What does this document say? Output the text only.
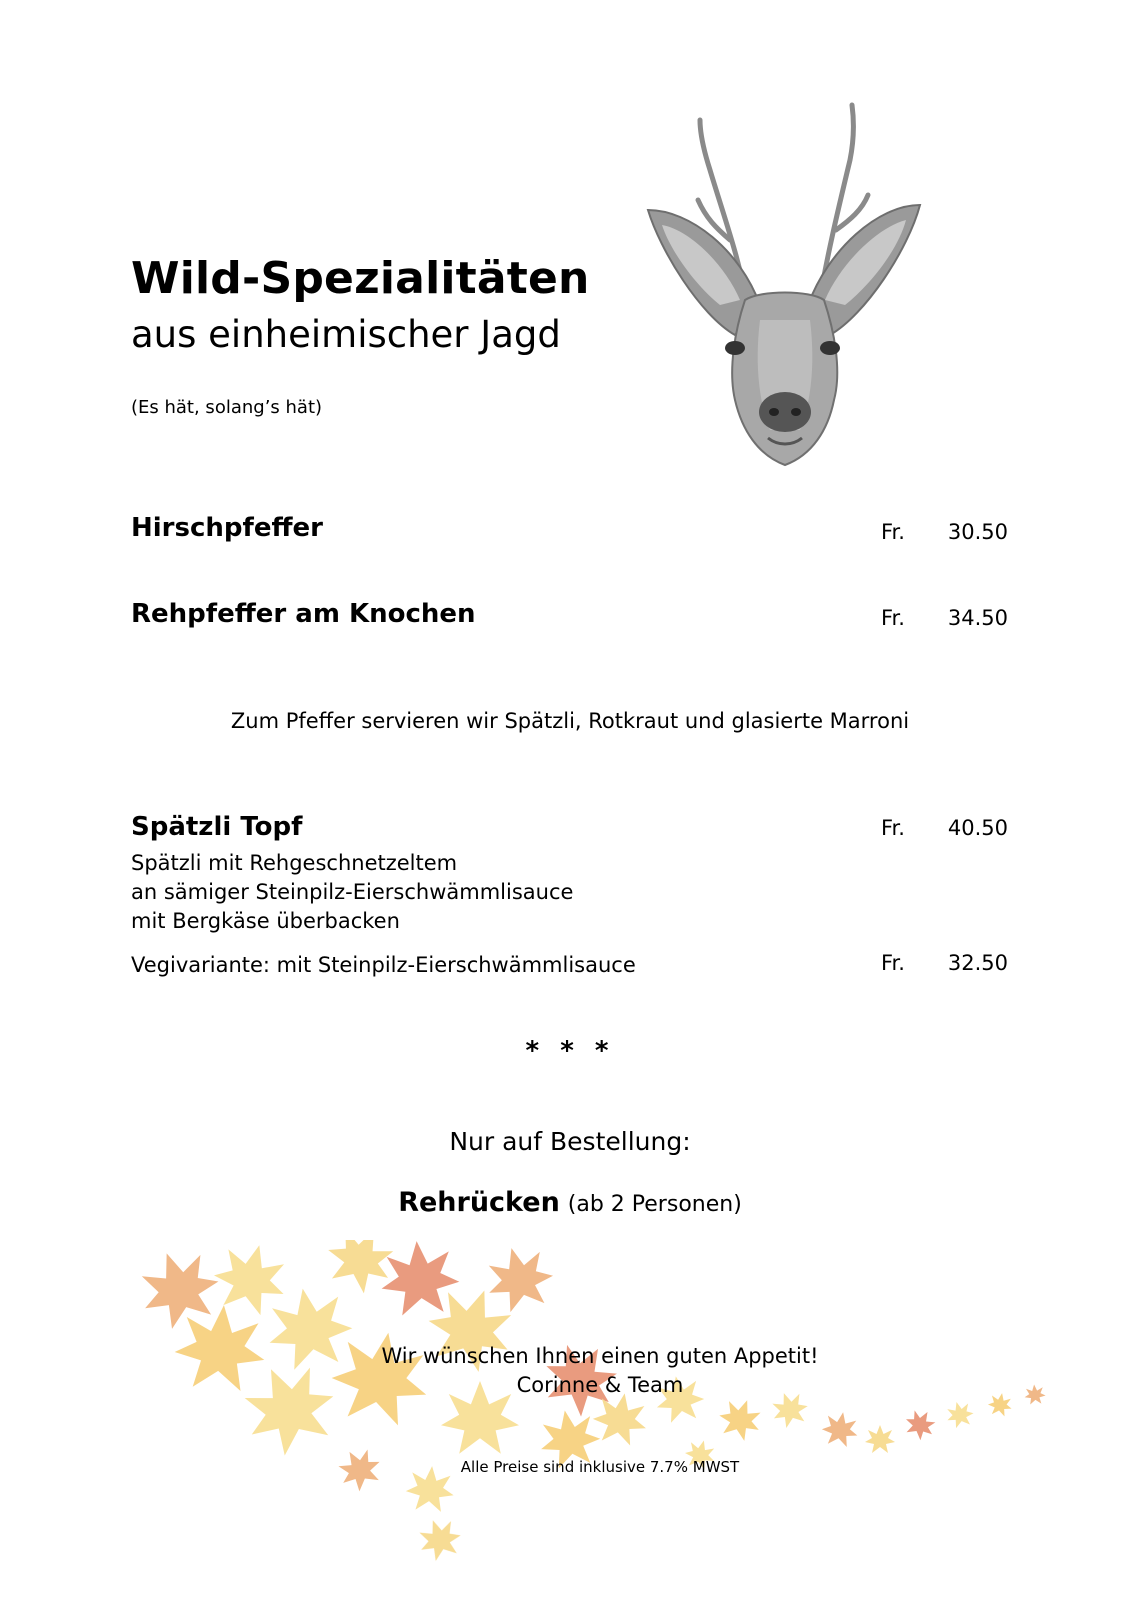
Wild-Spezialitäten
aus einheimischer Jagd
(Es hät, solang’s hät)
Hirschpfeffer	Fr.	30.50
Rehpfeffer am Knochen	Fr.	34.50
Zum Pfeffer servieren wir Spätzli, Rotkraut und glasierte Marroni
Spätzli Topf	Fr.	40.50
Spätzli mit Rehgeschnetzeltem
an sämiger Steinpilz-Eierschwämmlisauce
mit Bergkäse überbacken
Vegivariante: mit Steinpilz-Eierschwämmlisauce	Fr.	32.50
* * *
Nur auf Bestellung:
Rehrücken (ab 2 Personen)
Wir wünschen Ihnen einen guten Appetit!
Corinne & Team
Alle Preise sind inklusive 7.7% MWST
